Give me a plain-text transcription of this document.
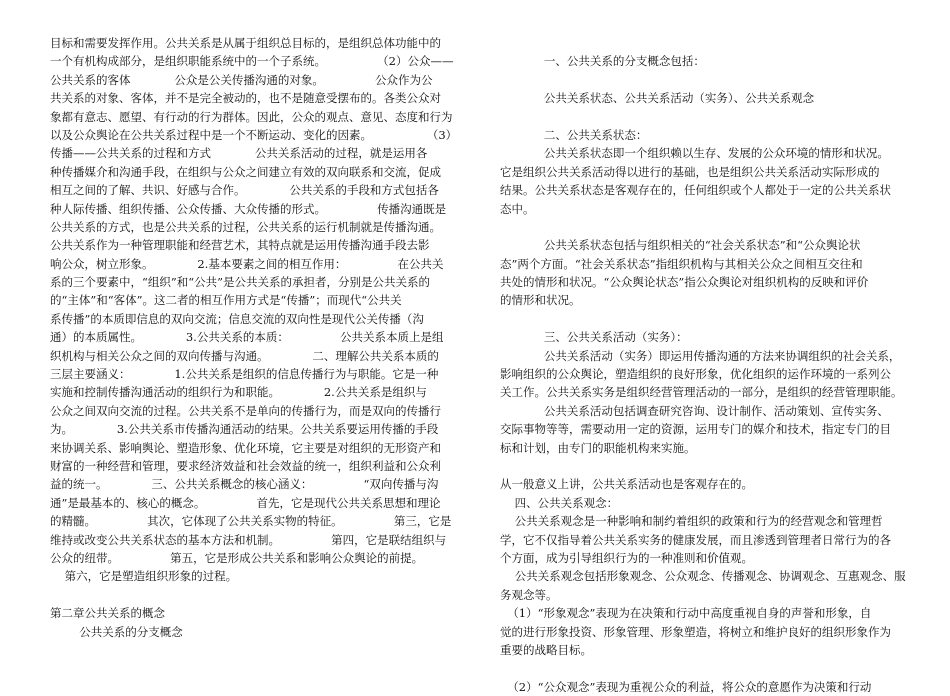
目标和需要发挥作用。公共关系是从属于组织总目标的，是组织总体功能中的
一个有机构成部分，是组织职能系统中的一个子系统。              （2）公众——
公共关系的客体            公众是公关传播沟通的对象。              公众作为公
共关系的对象、客体，并不是完全被动的，也不是随意受摆布的。各类公众对
象都有意志、愿望、有行动的行为群体。因此，公众的观点、意见、态度和行为
以及公众舆论在公共关系过程中是一个不断运动、变化的因素。               （3）
传播——公共关系的过程和方式            公共关系活动的过程，就是运用各
种传播媒介和沟通手段，在组织与公众之间建立有效的双向联系和交流，促成
相互之间的了解、共识、好感与合作。            公共关系的手段和方式包括各
种人际传播、组织传播、公众传播、大众传播的形式。              传播沟通既是
公共关系的方式，也是公共关系的过程，公共关系的运行机制就是传播沟通。
公共关系作为一种管理职能和经营艺术，其特点就是运用传播沟通手段去影
响公众，树立形象。            2.基本要素之间的相互作用：              在公共关
系的三个要素中，“组织”和“公共”是公共关系的承担者，分别是公共关系的
的“主体”和“客体”。这二者的相互作用方式是“传播”；而现代“公共关
系传播”的本质即信息的双向交流；信息交流的双向性是现代公关传播（沟
通）的本质属性。            3.公共关系的本质：              公共关系本质上是组
织机构与相关公众之间的双向传播与沟通。            二、理解公共关系本质的
三层主要涵义：            1.公共关系是组织的信息传播行为与职能。它是一种
实施和控制传播沟通活动的组织行为和职能。            2.公共关系是组织与
公众之间双向交流的过程。公共关系不是单向的传播行为，而是双向的传播行
为。            3.公共关系市传播沟通活动的结果。公共关系要运用传播的手段
来协调关系、影响舆论、塑造形象、优化环境，它主要是对组织的无形资产和
财富的一种经营和管理，要求经济效益和社会效益的统一，组织利益和公众利
益的统一。            三、公共关系概念的核心涵义：              “双向传播与沟
通”是最基本的、核心的概念。              首先，它是现代公共关系思想和理论
的精髓。              其次，它体现了公共关系实物的特征。              第三，它是
维持或改变公共关系状态的基本方法和机制。              第四，它是联结组织与
公众的纽带。              第五，它是形成公共关系和影响公众舆论的前提。
第六，它是塑造组织形象的过程。
第二章公共关系的概念
公共关系的分支概念
一、公共关系的分支概念包括：
公共关系状态、公共关系活动（实务）、公共关系观念
二、公共关系状态：
公共关系状态即一个组织赖以生存、发展的公众环境的情形和状况。
它是组织公共关系活动得以进行的基础，也是组织公共关系活动实际形成的
结果。公共关系状态是客观存在的，任何组织或个人都处于一定的公共关系状
态中。
公共关系状态包括与组织相关的“社会关系状态”和“公众舆论状
态”两个方面。“社会关系状态”指组织机构与其相关公众之间相互交往和
共处的情形和状况。“公众舆论状态”指公众舆论对组织机构的反映和评价
的情形和状况。
三、公共关系活动（实务）：
公共关系活动（实务）即运用传播沟通的方法来协调组织的社会关系，
影响组织的公众舆论，塑造组织的良好形象，优化组织的运作环境的一系列公
关工作。公共关系实务是组织经营管理活动的一部分，是组织的经营管理职能。
公共关系活动包括调查研究咨询、设计制作、活动策划、宣传实务、
交际事物等等，需要动用一定的资源，运用专门的媒介和技术，指定专门的目
标和计划，由专门的职能机构来实施。
从一般意义上讲，公共关系活动也是客观存在的。
四、公共关系观念：
公共关系观念是一种影响和制约着组织的政策和行为的经营观念和管理哲
学，它不仅指导着公共关系实务的健康发展，而且渗透到管理者日常行为的各
个方面，成为引导组织行为的一种准则和价值观。
公共关系观念包括形象观念、公众观念、传播观念、协调观念、互惠观念、服
务观念等。
（1）“形象观念”表现为在决策和行动中高度重视自身的声誉和形象，自
觉的进行形象投资、形象管理、形象塑造，将树立和维护良好的组织形象作为
重要的战略目标。
（2）“公众观念”表现为重视公众的利益，将公众的意愿作为决策和行动
